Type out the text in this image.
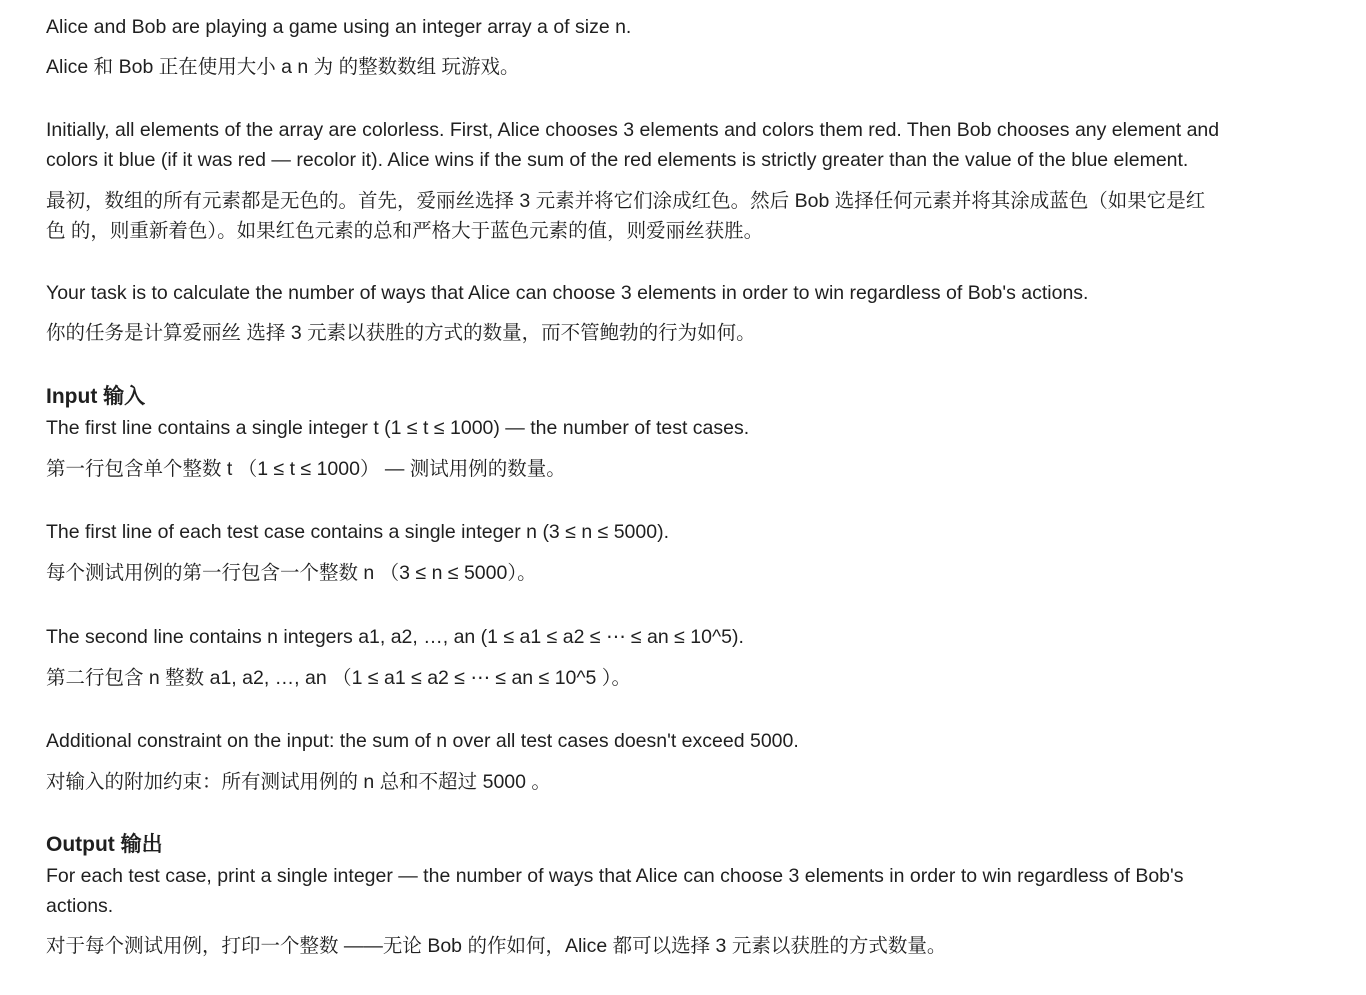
Alice and Bob are playing a game using an integer array a of size n.
Alice 和 Bob 正在使用大小 a n 为 的整数数组 玩游戏。
Initially, all elements of the array are colorless. First, Alice chooses 3 elements and colors them red. Then Bob chooses any element and
colors it blue (if it was red — recolor it). Alice wins if the sum of the red elements is strictly greater than the value of the blue element.
最初，数组的所有元素都是无色的。首先，爱丽丝选择 3 元素并将它们涂成红色。然后 Bob 选择任何元素并将其涂成蓝色（如果它是红
色 的，则重新着色）。如果红色元素的总和严格大于蓝色元素的值，则爱丽丝获胜。
Your task is to calculate the number of ways that Alice can choose 3 elements in order to win regardless of Bob's actions.
你的任务是计算爱丽丝 选择 3 元素以获胜的方式的数量，而不管鲍勃的行为如何。
Input 输入
The first line contains a single integer t (1 ≤ t ≤ 1000) — the number of test cases.
第一行包含单个整数 t （1 ≤ t ≤ 1000） — 测试用例的数量。
The first line of each test case contains a single integer n (3 ≤ n ≤ 5000).
每个测试用例的第一行包含一个整数 n （3 ≤ n ≤ 5000）。
The second line contains n integers a1, a2, …, an (1 ≤ a1 ≤ a2 ≤ ⋯ ≤ an ≤ 10^5).
第二行包含 n 整数 a1, a2, …, an （1 ≤ a1 ≤ a2 ≤ ⋯ ≤ an ≤ 10^5 ）。
Additional constraint on the input: the sum of n over all test cases doesn't exceed 5000.
对输入的附加约束：所有测试用例的 n 总和不超过 5000 。
Output 输出
For each test case, print a single integer — the number of ways that Alice can choose 3 elements in order to win regardless of Bob's
actions.
对于每个测试用例，打印一个整数 ——无论 Bob 的作如何，Alice 都可以选择 3 元素以获胜的方式数量。
